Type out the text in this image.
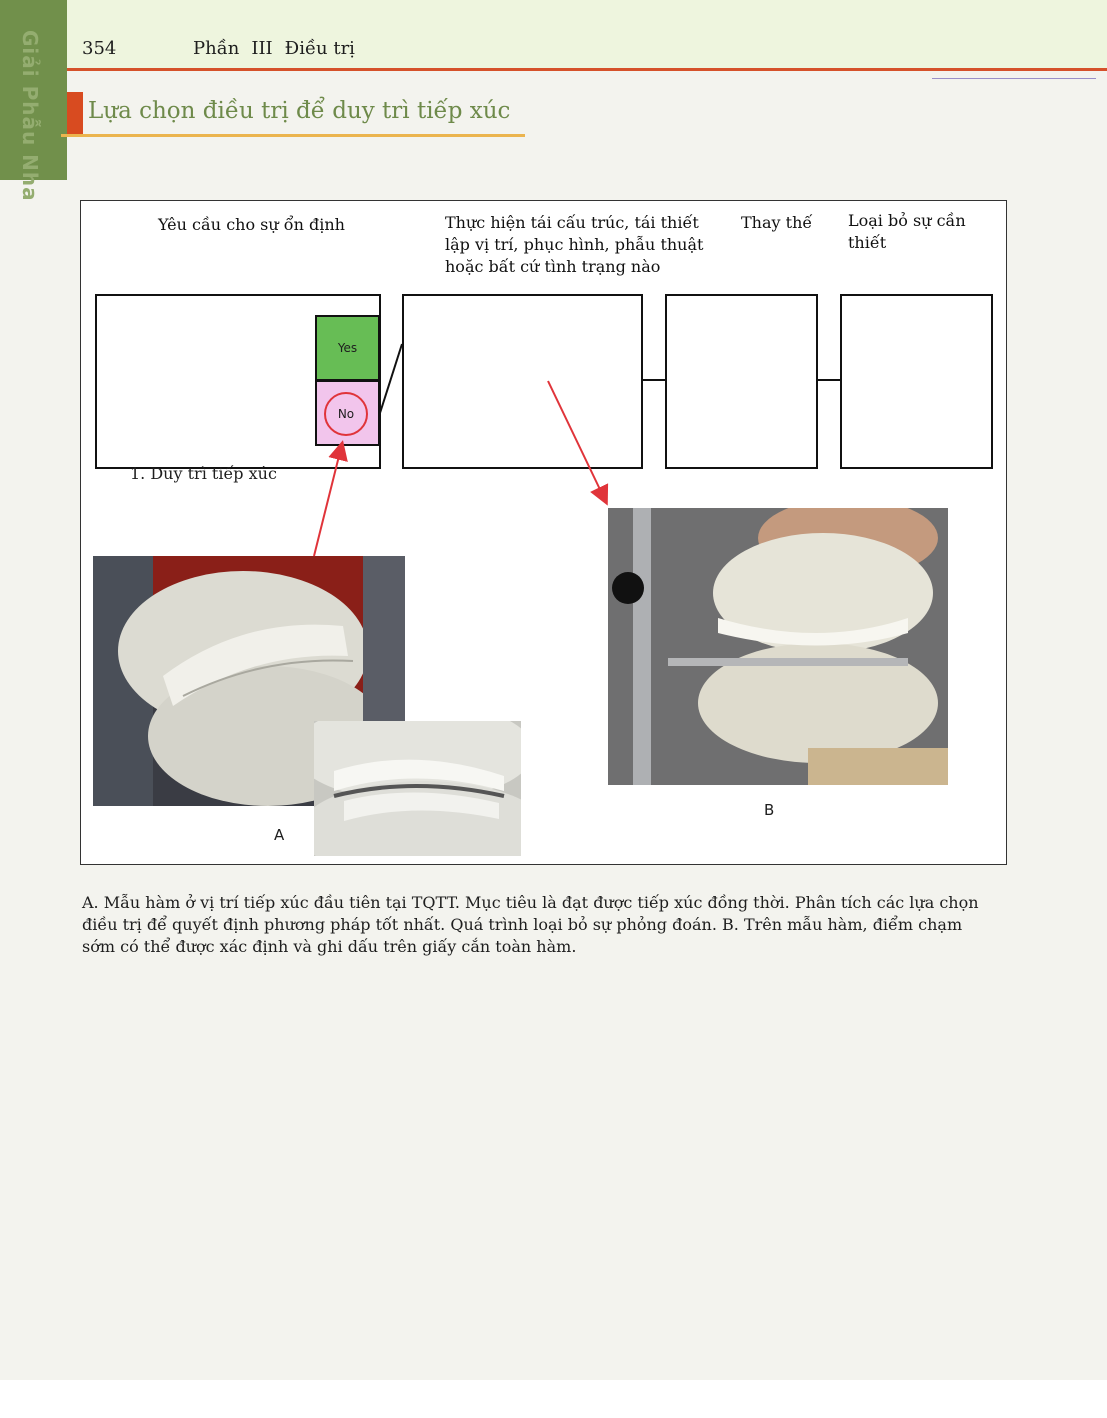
Giải Phẫu Nha 354	Phần III Điều trị
Lựa chọn điều trị để duy trì tiếp xúc
Yêu cầu cho sự ổn định	Thực hiện tái cấu trúc, tái thiết lập vị trí, phục hình, phẫu thuật hoặc bất cứ tình trạng nào
Thay thế Loại bỏ sự cần thiết
1. Duy trì tiếp xúc
Yes
No
A
B
A. Mẫu hàm ở vị trí tiếp xúc đầu tiên tại TQTT. Mục tiêu là đạt được tiếp xúc đồng thời. Phân tích các lựa chọn điều trị để quyết định phương pháp tốt nhất. Quá trình loại bỏ sự phỏng đoán. B. Trên mẫu hàm, điểm chạm sớm có thể được xác định và ghi dấu trên giấy cắn toàn hàm.
